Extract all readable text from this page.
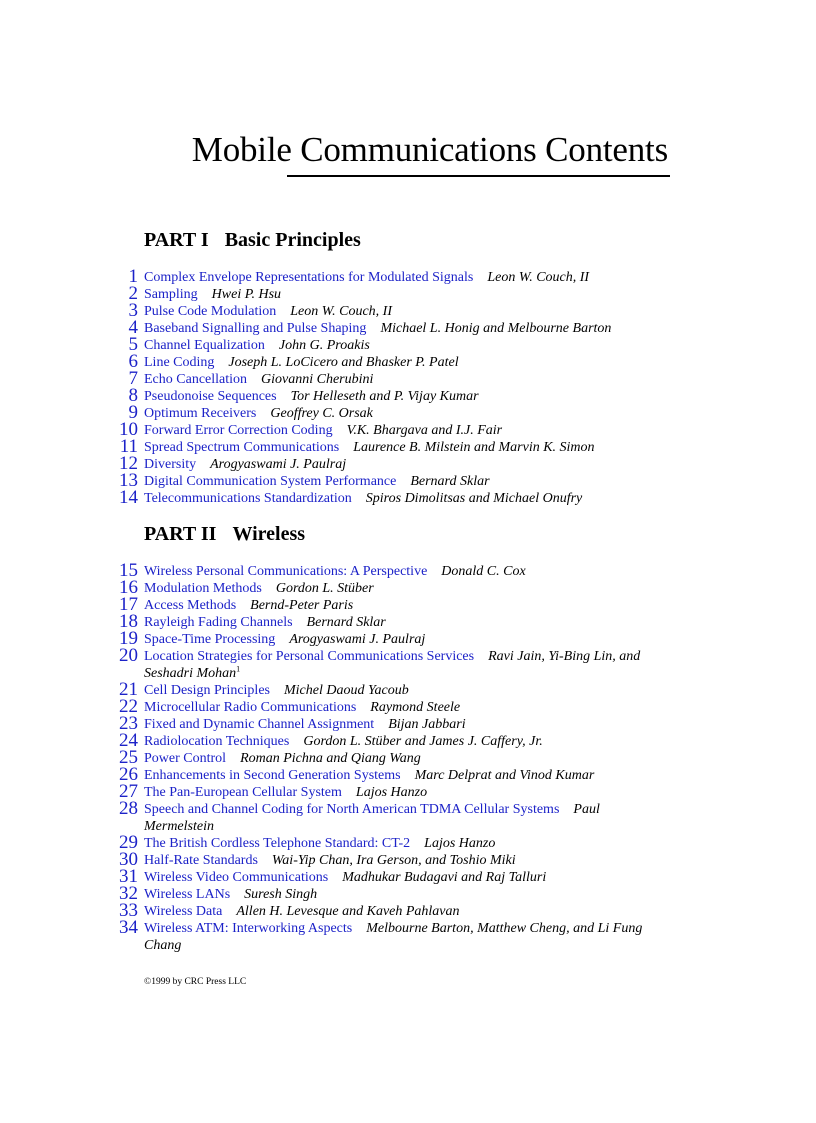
Mobile Communications Contents
PART I Basic Principles
1 Complex Envelope Representations for Modulated Signals Leon W. Couch, II
2 Sampling Hwei P. Hsu
3 Pulse Code Modulation Leon W. Couch, II
4 Baseband Signalling and Pulse Shaping Michael L. Honig and Melbourne Barton
5 Channel Equalization John G. Proakis
6 Line Coding Joseph L. LoCicero and Bhasker P. Patel
7 Echo Cancellation Giovanni Cherubini
8 Pseudonoise Sequences Tor Helleseth and P. Vijay Kumar
9 Optimum Receivers Geoffrey C. Orsak
10 Forward Error Correction Coding V.K. Bhargava and I.J. Fair
11 Spread Spectrum Communications Laurence B. Milstein and Marvin K. Simon
12 Diversity Arogyaswami J. Paulraj
13 Digital Communication System Performance Bernard Sklar
14 Telecommunications Standardization Spiros Dimolitsas and Michael Onufry
PART II Wireless
15 Wireless Personal Communications: A Perspective Donald C. Cox
16 Modulation Methods Gordon L. Stüber
17 Access Methods Bernd-Peter Paris
18 Rayleigh Fading Channels Bernard Sklar
19 Space-Time Processing Arogyaswami J. Paulraj
20 Location Strategies for Personal Communications Services Ravi Jain, Yi-Bing Lin, and Seshadri Mohan$^1$
21 Cell Design Principles Michel Daoud Yacoub
22 Microcellular Radio Communications Raymond Steele
23 Fixed and Dynamic Channel Assignment Bijan Jabbari
24 Radiolocation Techniques Gordon L. Stüber and James J. Caffery, Jr.
25 Power Control Roman Pichna and Qiang Wang
26 Enhancements in Second Generation Systems Marc Delprat and Vinod Kumar
27 The Pan-European Cellular System Lajos Hanzo
28 Speech and Channel Coding for North American TDMA Cellular Systems Paul Mermelstein
29 The British Cordless Telephone Standard: CT-2 Lajos Hanzo
30 Half-Rate Standards Wai-Yip Chan, Ira Gerson, and Toshio Miki
31 Wireless Video Communications Madhukar Budagavi and Raj Talluri
32 Wireless LANs Suresh Singh
33 Wireless Data Allen H. Levesque and Kaveh Pahlavan
34 Wireless ATM: Interworking Aspects Melbourne Barton, Matthew Cheng, and Li Fung Chang
©1999 by CRC Press LLC
